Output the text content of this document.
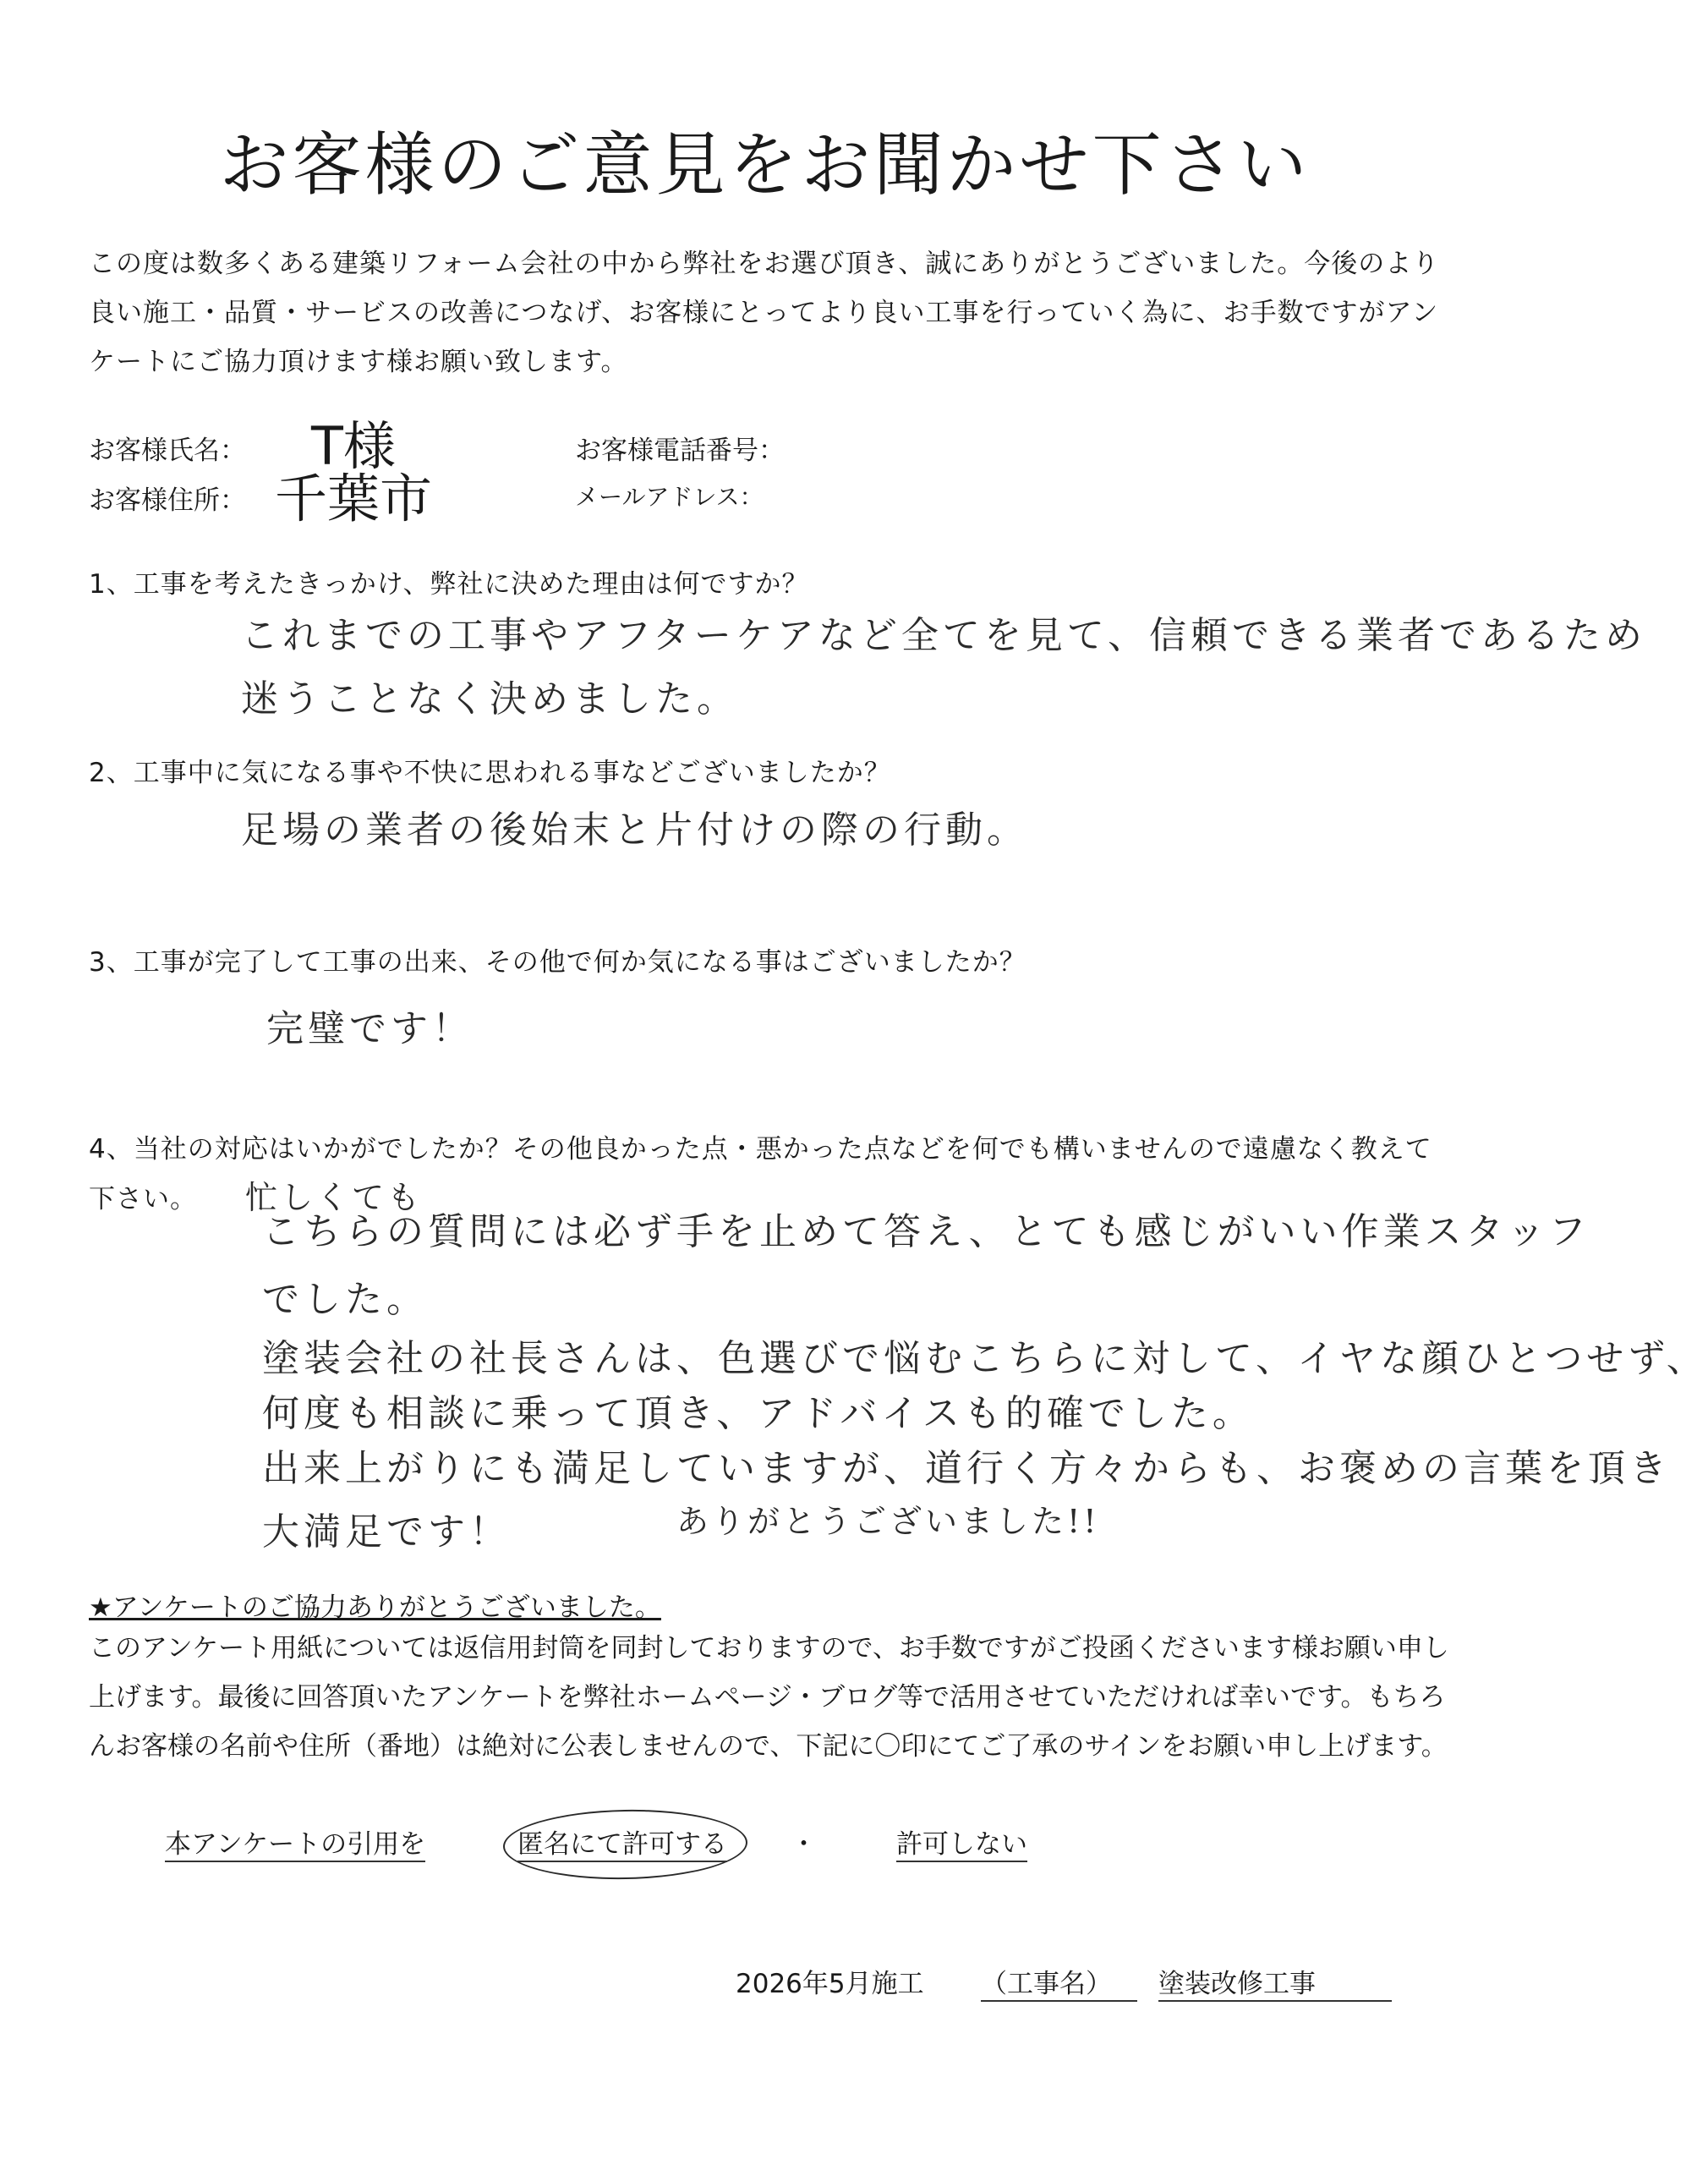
お客様のご意見をお聞かせ下さい
この度は数多くある建築リフォーム会社の中から弊社をお選び頂き、誠にありがとうございました。今後のより良い施工・品質・サービスの改善につなげ、お客様にとってより良い工事を行っていく為に、お手数ですがアンケートにご協力頂けます様お願い致します。
お客様氏名： T様
お客様住所： 千葉市
お客様電話番号：
メールアドレス：
1、工事を考えたきっかけ、弊社に決めた理由は何ですか？
これまでの工事やアフターケアなど全てを見て、信頼できる業者であるため
迷うことなく決めました。
2、工事中に気になる事や不快に思われる事などございましたか？
足場の業者の後始末と片付けの際の行動。
3、工事が完了して工事の出来、その他で何か気になる事はございましたか？
完璧です！
4、当社の対応はいかがでしたか？その他良かった点・悪かった点などを何でも構いませんので遠慮なく教えて
下さい。 忙しくても
こちらの質問には必ず手を止めて答え、とても感じがいい作業スタッフ
でした。
塗装会社の社長さんは、色選びで悩むこちらに対して、イヤな顔ひとつせず、
何度も相談に乗って頂き、アドバイスも的確でした。
出来上がりにも満足していますが、道行く方々からも、お褒めの言葉を頂き
大満足です！	ありがとうございました!!
★アンケートのご協力ありがとうございました。
このアンケート用紙については返信用封筒を同封しておりますので、お手数ですがご投函くださいます様お願い申し上げます。最後に回答頂いたアンケートを弊社ホームページ・ブログ等で活用させていただければ幸いです。もちろんお客様の名前や住所（番地）は絶対に公表しませんので、下記に〇印にてご了承のサインをお願い申し上げます。
本アンケートの引用を	匿名にて許可する ・	許可しない
2026年5月施工 （工事名）	塗装改修工事
